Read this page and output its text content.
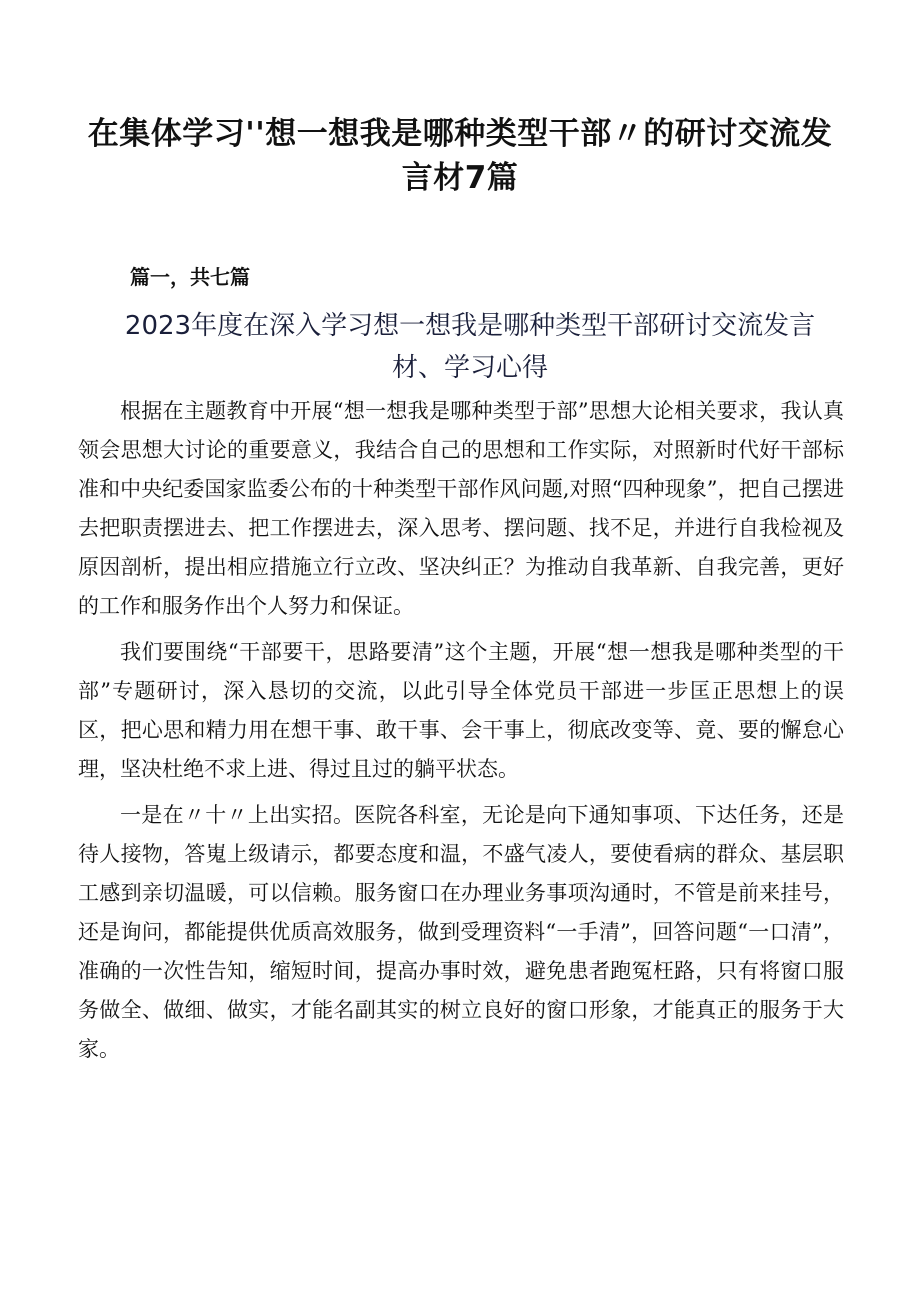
在集体学习''想一想我是哪种类型干部〃的研讨交流发
言材7篇

篇一，共七篇

2023年度在深入学习想一想我是哪种类型干部研讨交流发言
材、学习心得

根据在主题教育中开展“想一想我是哪种类型于部”思想大论相关要求，我认真领会思想大讨论的重要意义，我结合自己的思想和工作实际，对照新时代好干部标准和中央纪委国家监委公布的十种类型干部作风问题,对照“四种现象”，把自己摆进去把职责摆进去、把工作摆进去，深入思考、摆问题、找不足，并进行自我检视及原因剖析，提出相应措施立行立改、坚决纠正？为推动自我革新、自我完善，更好的工作和服务作出个人努力和保证。

我们要围绕“干部要干，思路要清”这个主题，开展“想一想我是哪种类型的干部”专题研讨，深入恳切的交流，以此引导全体党员干部进一步匡正思想上的误区，把心思和精力用在想干事、敢干事、会干事上，彻底改变等、竟、要的懈怠心理，坚决杜绝不求上进、得过且过的躺平状态。

一是在〃十〃上出实招。医院各科室，无论是向下通知事项、下达任务，还是待人接物，答嵬上级请示，都要态度和温，不盛气凌人，要使看病的群众、基层职工感到亲切温暖，可以信赖。服务窗口在办理业务事项沟通时，不管是前来挂号，还是询问，都能提供优质高效服务，做到受理资料“一手清”，回答问题“一口清”，准确的一次性告知，缩短时间，提高办事时效，避免患者跑冤枉路，只有将窗口服务做全、做细、做实，才能名副其实的树立良好的窗口形象，才能真正的服务于大家。
